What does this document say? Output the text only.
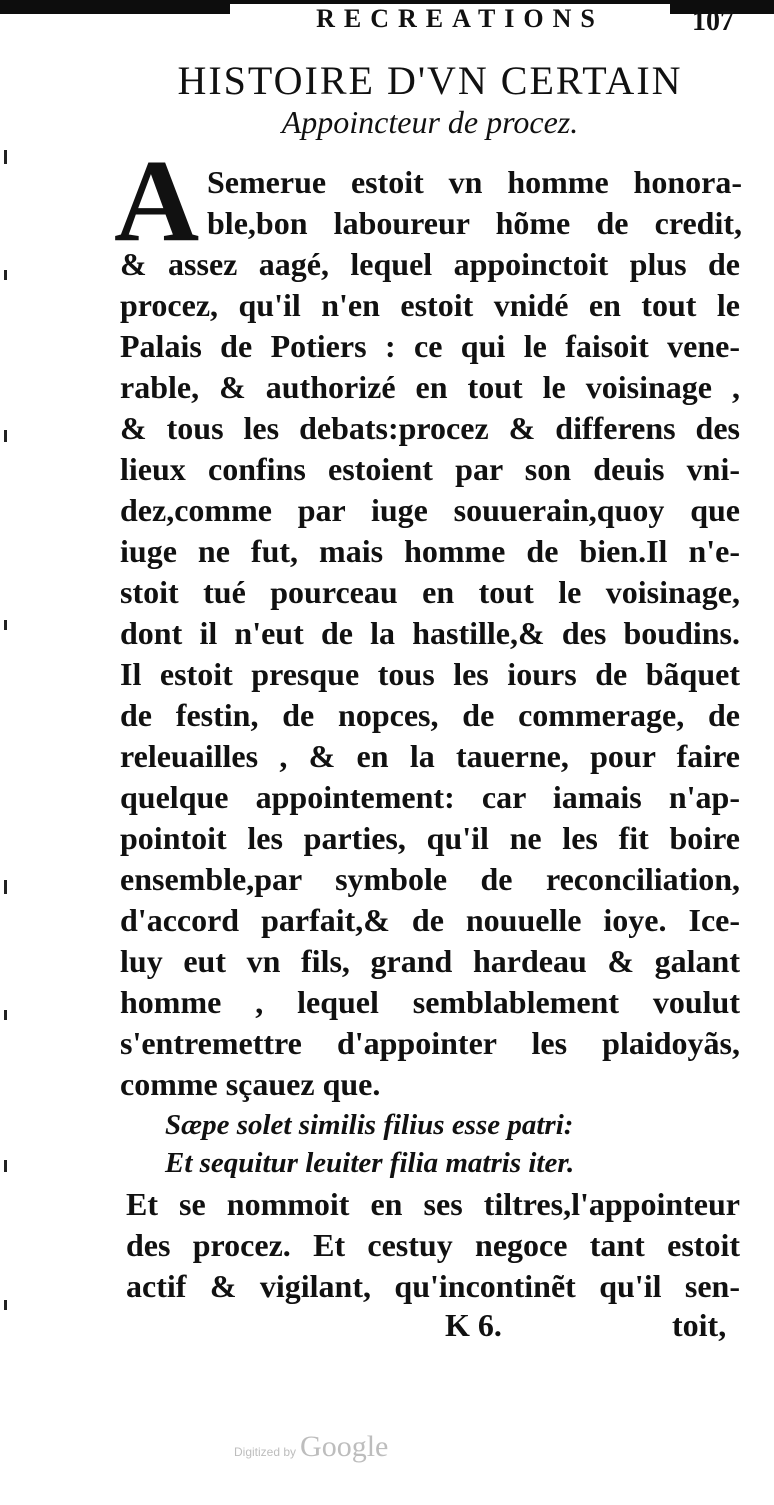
RECREATIONS	107
HISTOIRE D'VN CERTAIN
Appoincteur de procez.
A Semerue estoit vn homme honora-
ble,bon laboureur hõme de credit,
& assez aagé, lequel appoinctoit plus de
procez, qu'il n'en estoit vnidé en tout le
Palais de Potiers : ce qui le faisoit vene-
rable, & authorizé en tout le voisinage ,
& tous les debats:procez & differens des
lieux confins estoient par son deuis vni-
dez,comme par iuge souuerain,quoy que
iuge ne fut, mais homme de bien.Il n'e-
stoit tué pourceau en tout le voisinage,
dont il n'eut de la hastille,& des boudins.
Il estoit presque tous les iours de bãquet
de festin, de nopces, de commerage, de
releuailles , & en la tauerne, pour faire
quelque appointement: car iamais n'ap-
pointoit les parties, qu'il ne les fit boire
ensemble,par symbole de reconciliation,
d'accord parfait,& de nouuelle ioye. Ice-
luy eut vn fils, grand hardeau & galant
homme , lequel semblablement voulut
s'entremettre d'appointer les plaidoyãs,
comme sçauez que.
Sæpe solet similis filius esse patri:
Et sequitur leuiter filia matris iter.
Et se nommoit en ses tiltres,l'appointeur
des procez. Et cestuy negoce tant estoit
actif & vigilant, qu'incontinẽt qu'il sen-
K 6.	toit,
Digitized by Google
